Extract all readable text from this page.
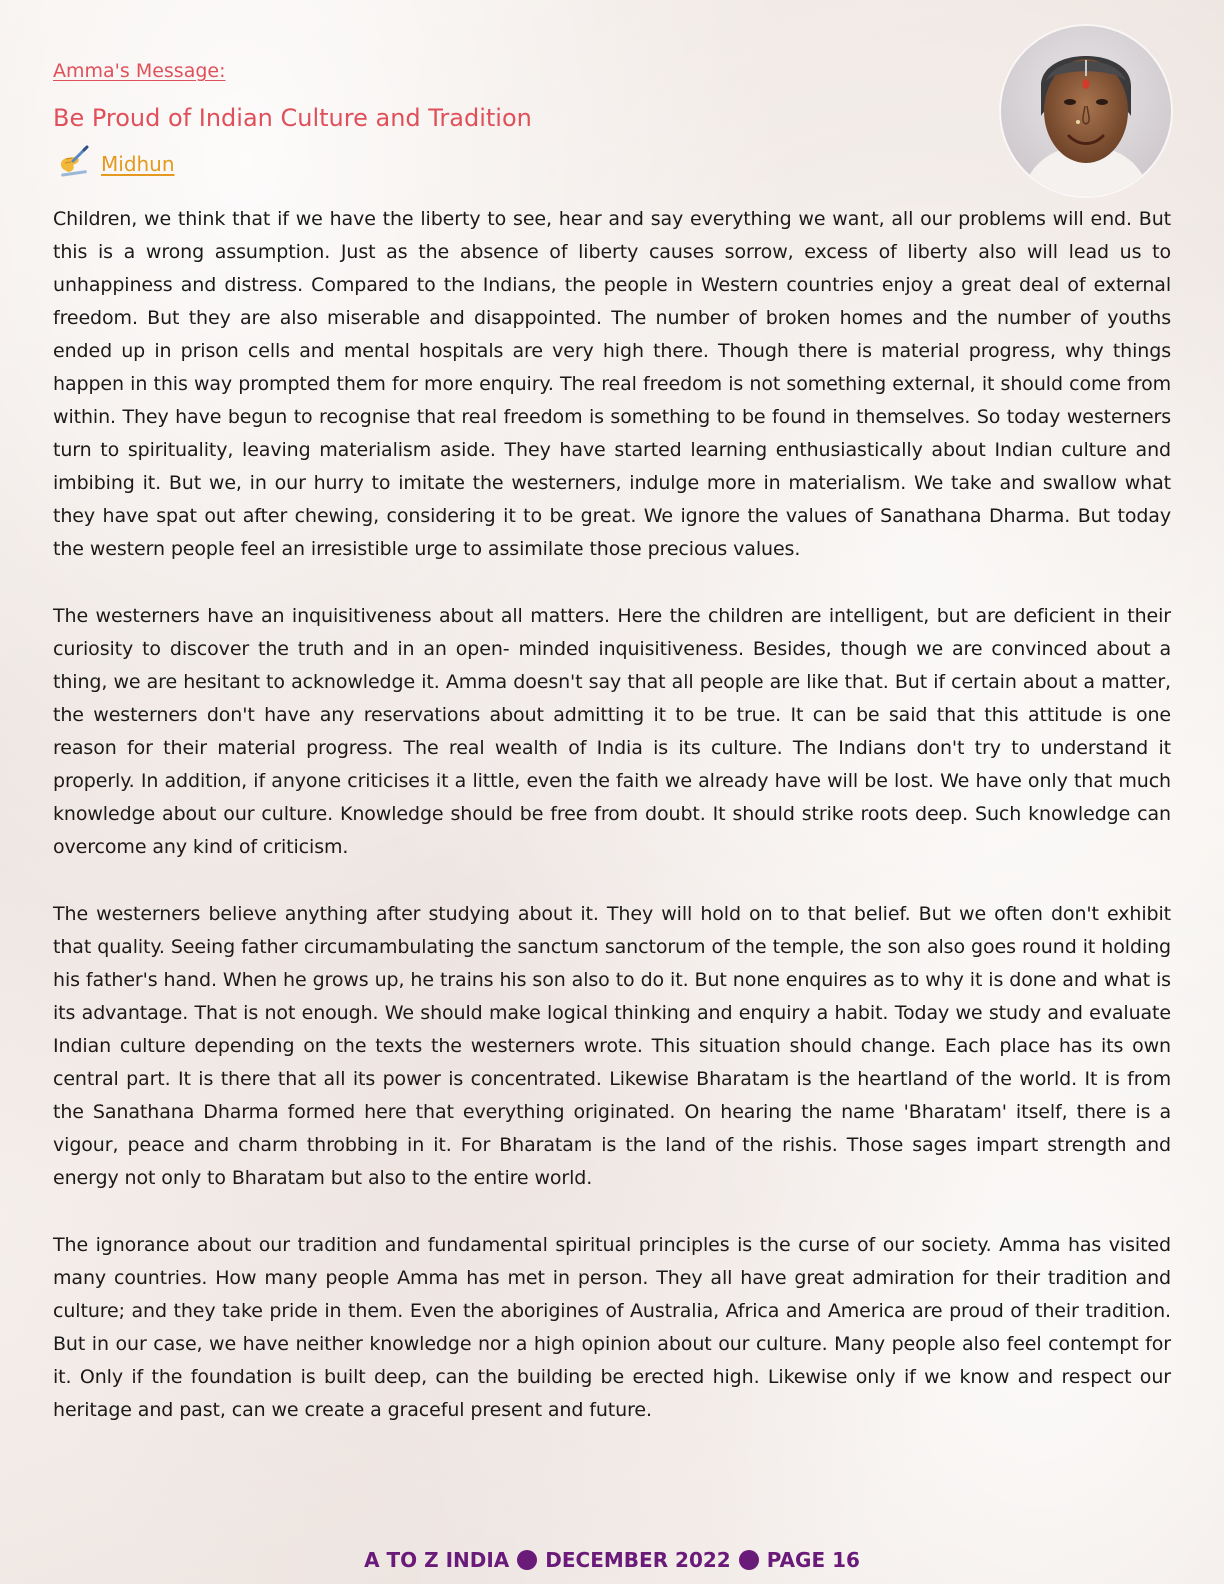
Amma's Message:
Be Proud of Indian Culture and Tradition
Midhun

Children, we think that if we have the liberty to see, hear and say everything we want, all our problems will end. But this is a wrong assumption. Just as the absence of liberty causes sorrow, excess of liberty also will lead us to unhappiness and distress. Compared to the Indians, the people in Western countries enjoy a great deal of external freedom. But they are also miserable and disappointed. The number of broken homes and the number of youths ended up in prison cells and mental hospitals are very high there. Though there is material progress, why things happen in this way prompted them for more enquiry. The real freedom is not something external, it should come from within. They have begun to recognise that real freedom is something to be found in themselves. So today westerners turn to spirituality, leaving materialism aside. They have started learning enthusiastically about Indian culture and imbibing it. But we, in our hurry to imitate the westerners, indulge more in materialism. We take and swallow what they have spat out after chewing, considering it to be great. We ignore the values of Sanathana Dharma. But today the western people feel an irresistible urge to assimilate those precious values.

The westerners have an inquisitiveness about all matters. Here the children are intelligent, but are deficient in their curiosity to discover the truth and in an open- minded inquisitiveness. Besides, though we are convinced about a thing, we are hesitant to acknowledge it. Amma doesn't say that all people are like that. But if certain about a matter, the westerners don't have any reservations about admitting it to be true. It can be said that this attitude is one reason for their material progress. The real wealth of India is its culture. The Indians don't try to understand it properly. In addition, if anyone criticises it a little, even the faith we already have will be lost. We have only that much knowledge about our culture. Knowledge should be free from doubt. It should strike roots deep. Such knowledge can overcome any kind of criticism.

The westerners believe anything after studying about it. They will hold on to that belief. But we often don't exhibit that quality. Seeing father circumambulating the sanctum sanctorum of the temple, the son also goes round it holding his father's hand. When he grows up, he trains his son also to do it. But none enquires as to why it is done and what is its advantage. That is not enough. We should make logical thinking and enquiry a habit. Today we study and evaluate Indian culture depending on the texts the westerners wrote. This situation should change. Each place has its own central part. It is there that all its power is concentrated. Likewise Bharatam is the heartland of the world. It is from the Sanathana Dharma formed here that everything originated. On hearing the name 'Bharatam' itself, there is a vigour, peace and charm throbbing in it. For Bharatam is the land of the rishis. Those sages impart strength and energy not only to Bharatam but also to the entire world.

The ignorance about our tradition and fundamental spiritual principles is the curse of our society. Amma has visited many countries. How many people Amma has met in person. They all have great admiration for their tradition and culture; and they take pride in them. Even the aborigines of Australia, Africa and America are proud of their tradition. But in our case, we have neither knowledge nor a high opinion about our culture. Many people also feel contempt for it. Only if the foundation is built deep, can the building be erected high. Likewise only if we know and respect our heritage and past, can we create a graceful present and future.

A TO Z INDIA DECEMBER 2022 PAGE 16
